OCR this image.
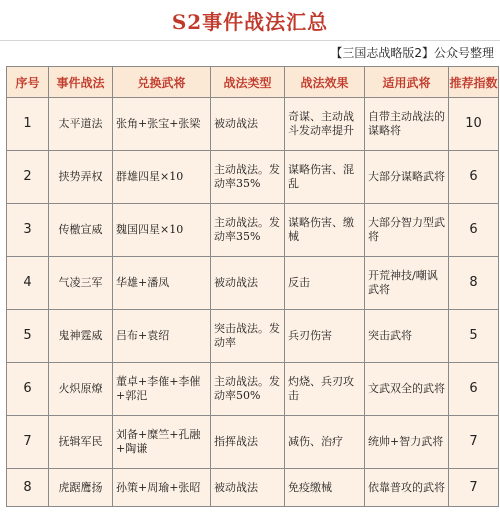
S2事件战法汇总
【三国志战略版2】公众号整理
序号	事件战法	兑换武将	战法类型	战法效果	适用武将	推荐指数
1	太平道法	张角+张宝+张梁	被动战法	奇谋、主动战斗发动率提升	自带主动战法的谋略将	10
2	挟势弄权	群雄四星×10	主动战法。发动率35%	谋略伤害、混乱	大部分谋略武将	6
3	传檄宣威	魏国四星×10	主动战法。发动率35%	谋略伤害、缴械	大部分智力型武将	6
4	气凌三军	华雄+潘凤	被动战法	反击	开荒神技/嘲讽武将	8
5	鬼神霆威	吕布+袁绍	突击战法。发动率	兵刃伤害	突击武将	5
6	火炽原燎	董卓+李傕+李催+郭汜	主动战法。发动率50%	灼烧、兵刃攻击	文武双全的武将	6
7	抚辑军民	刘备+糜竺+孔融+陶谦	指挥战法	减伤、治疗	统帅+智力武将	7
8	虎踞鹰扬	孙策+周瑜+张昭	被动战法	免疫缴械	依靠普攻的武将	7
